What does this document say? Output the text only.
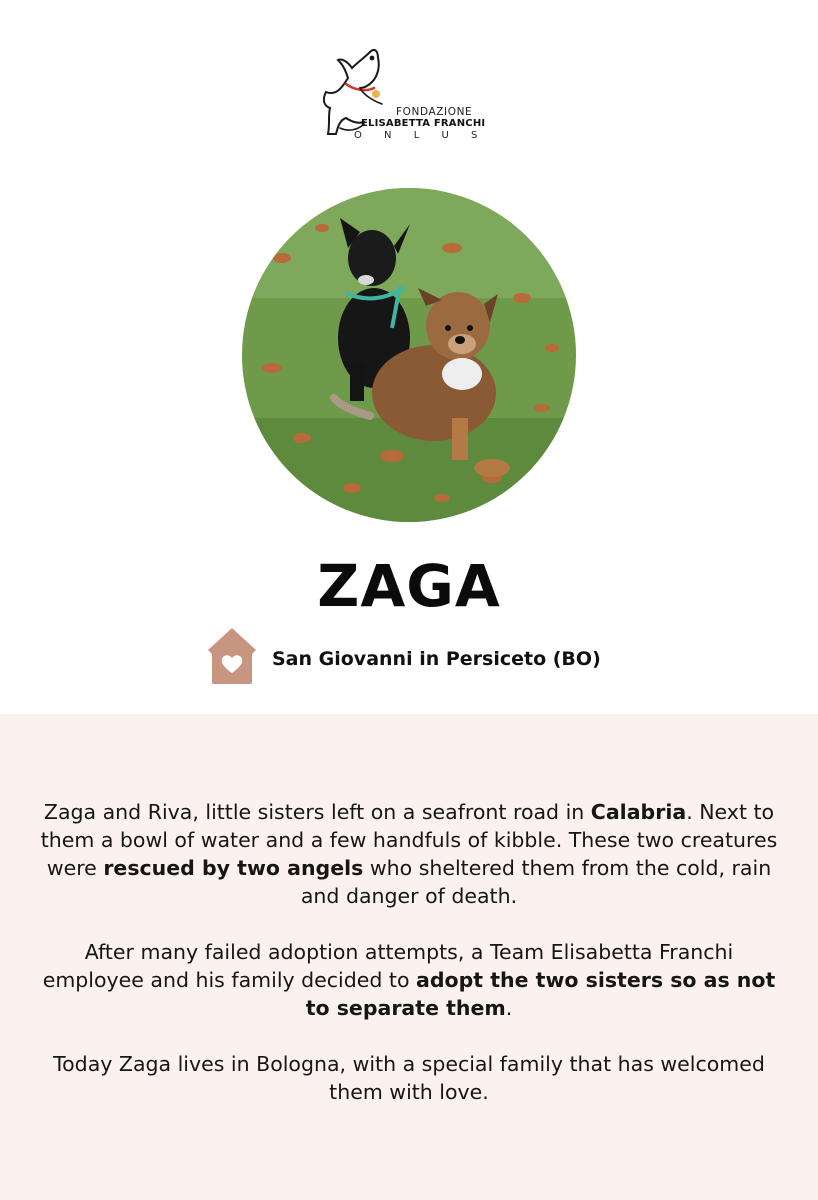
FONDAZIONE
ELISABETTA FRANCHI
O N L U S
ZAGA
San Giovanni in Persiceto (BO)

Zaga and Riva, little sisters left on a seafront road in Calabria. Next to them a bowl of water and a few handfuls of kibble. These two creatures were rescued by two angels who sheltered them from the cold, rain and danger of death.

After many failed adoption attempts, a Team Elisabetta Franchi employee and his family decided to adopt the two sisters so as not to separate them.

Today Zaga lives in Bologna, with a special family that has welcomed them with love.
